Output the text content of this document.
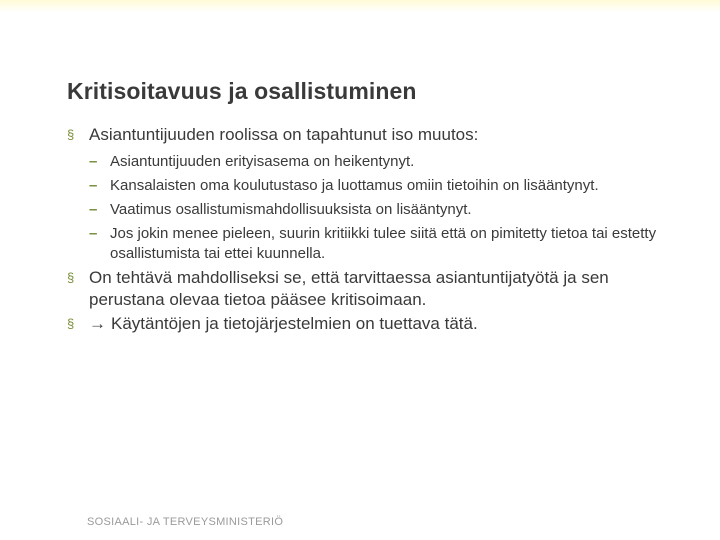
Kritisoitavuus ja osallistuminen
§ Asiantuntijuuden roolissa on tapahtunut iso muutos:
– Asiantuntijuuden erityisasema on heikentynyt.
– Kansalaisten oma koulutustaso ja luottamus omiin tietoihin on lisääntynyt.
– Vaatimus osallistumismahdollisuuksista on lisääntynyt.
– Jos jokin menee pieleen, suurin kritiikki tulee siitä että on pimitetty tietoa tai estetty osallistumista tai ettei kuunnella.
§ On tehtävä mahdolliseksi se, että tarvittaessa asiantuntijatyötä ja sen perustana olevaa tietoa pääsee kritisoimaan.
§ → Käytäntöjen ja tietojärjestelmien on tuettava tätä.
SOSIAALI- JA TERVEYSMINISTERIÖ
